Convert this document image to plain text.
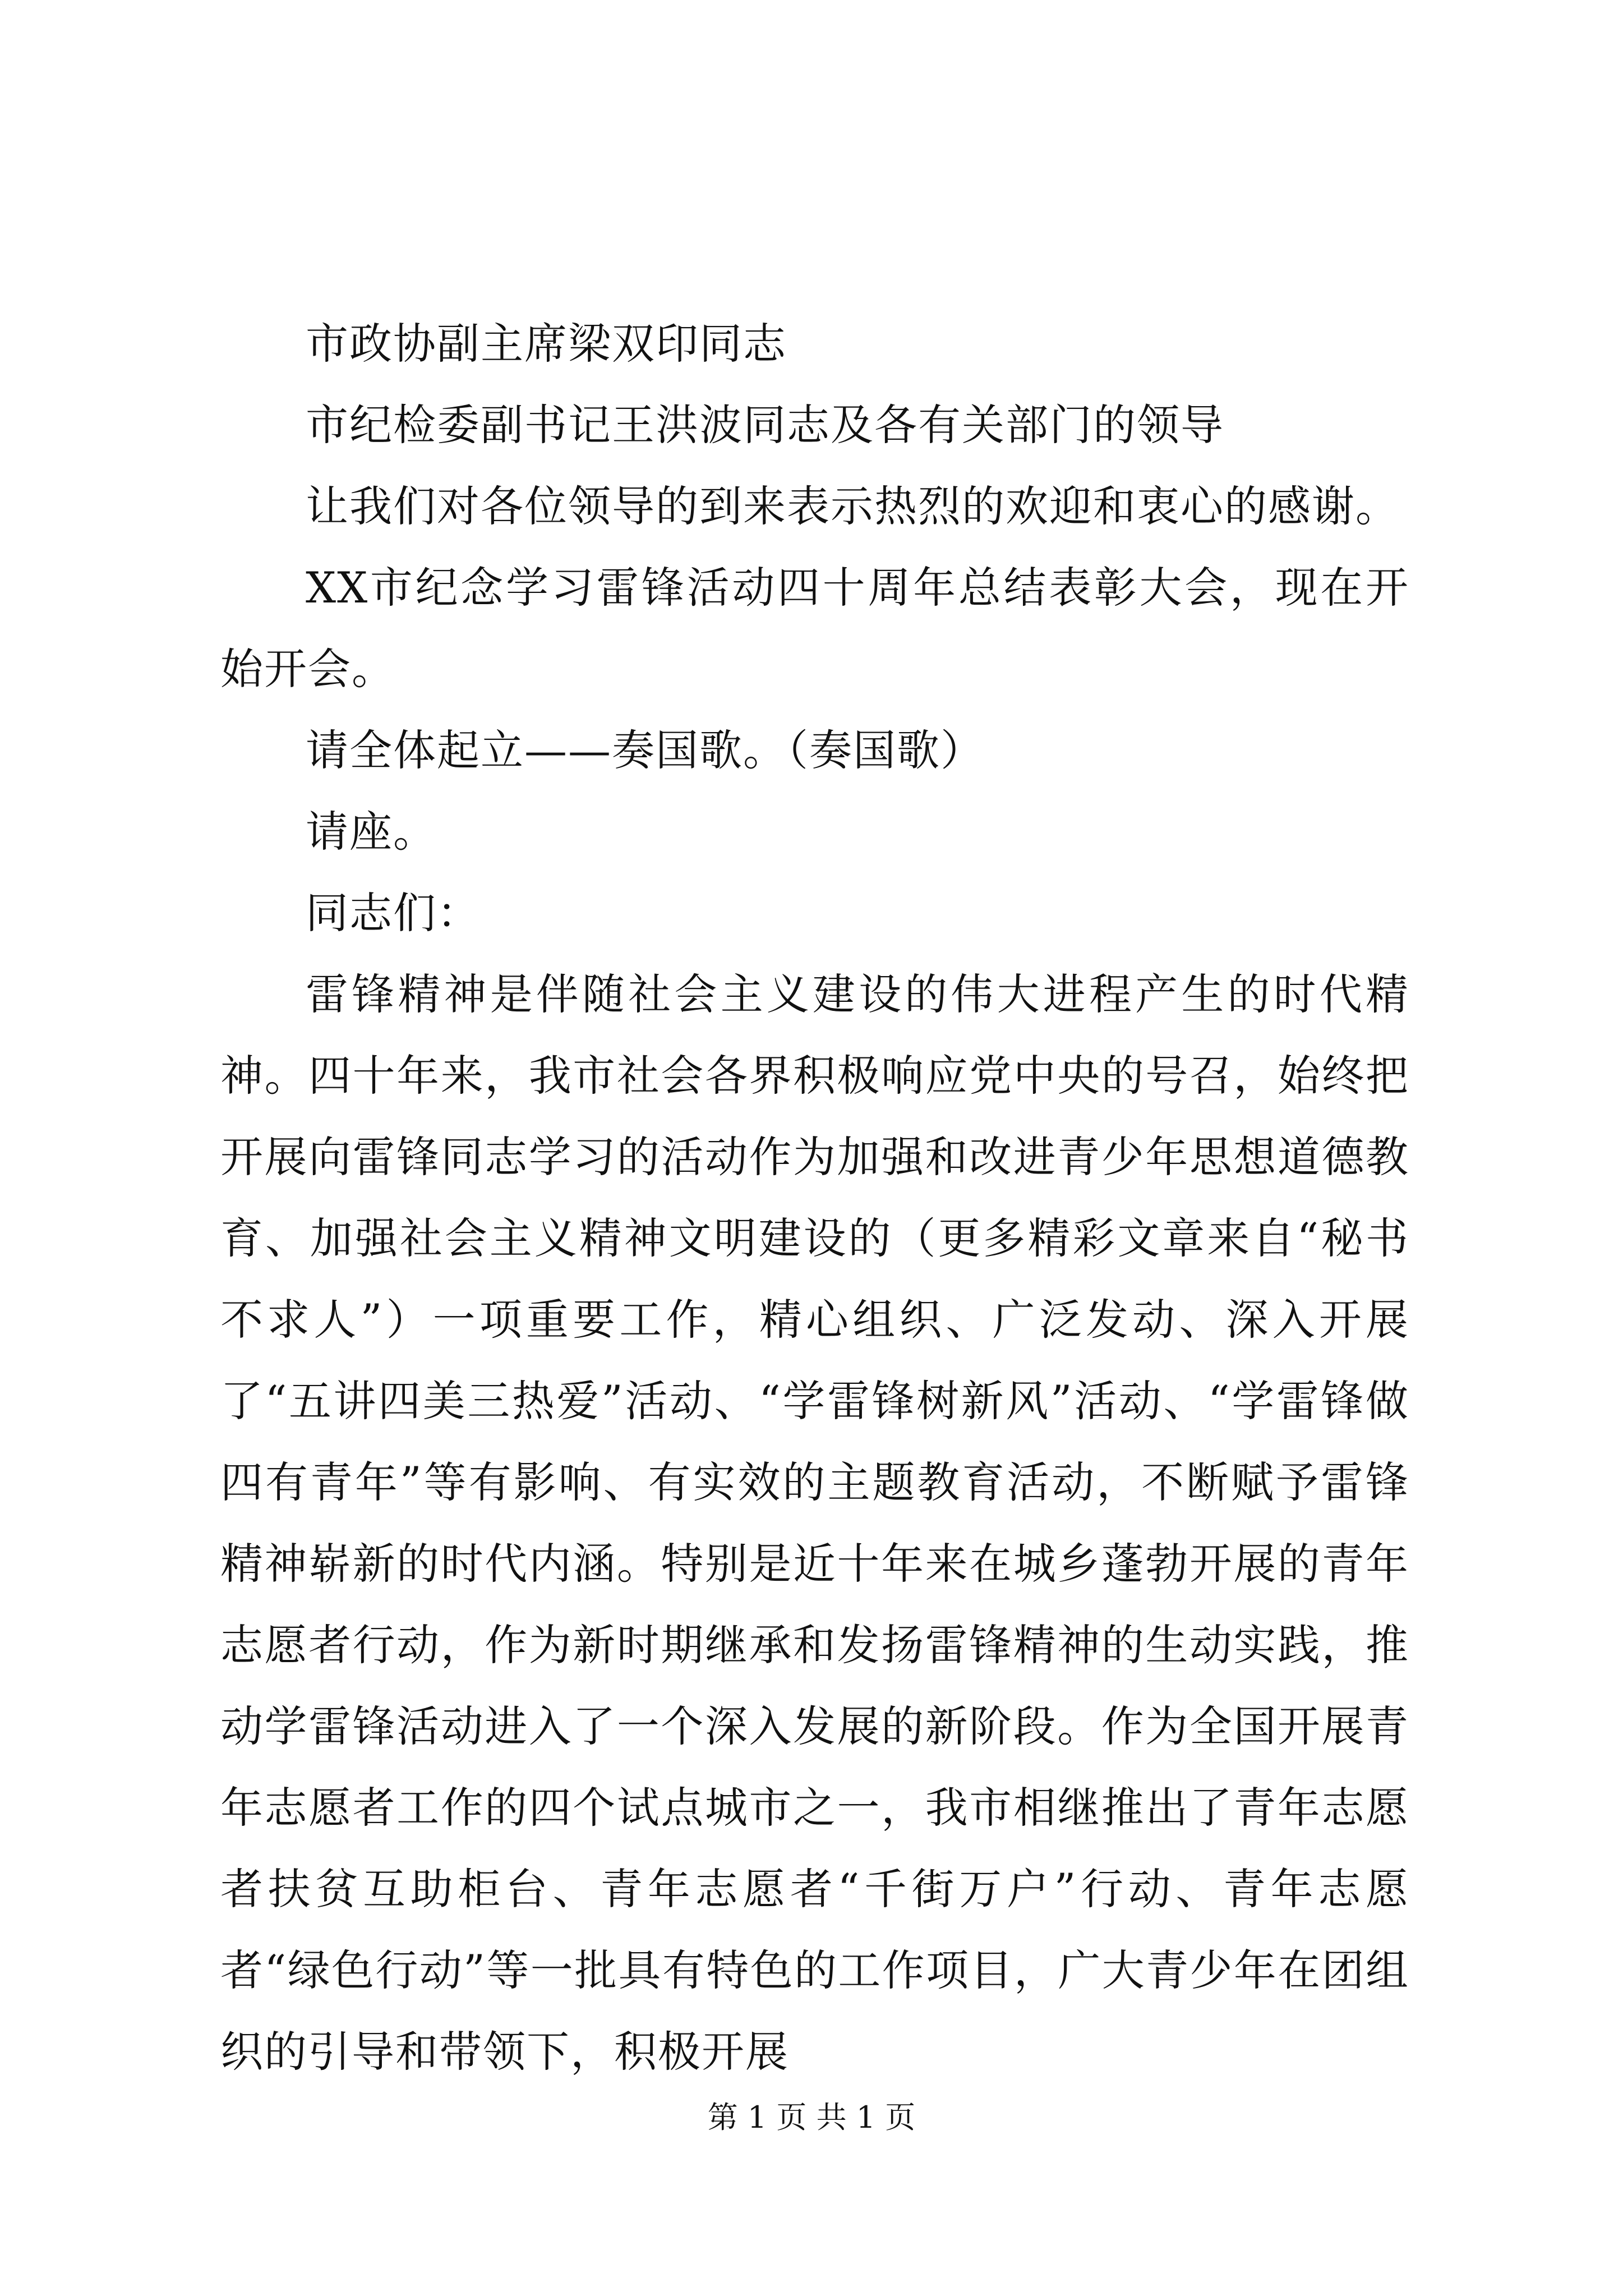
市政协副主席梁双印同志

市纪检委副书记王洪波同志及各有关部门的领导

让我们对各位领导的到来表示热烈的欢迎和衷心的感谢。

XX市纪念学习雷锋活动四十周年总结表彰大会，现在开始开会。

请全体起立——奏国歌。（奏国歌）

请座。

同志们：

雷锋精神是伴随社会主义建设的伟大进程产生的时代精神。四十年来，我市社会各界积极响应党中央的号召，始终把开展向雷锋同志学习的活动作为加强和改进青少年思想道德教育、加强社会主义精神文明建设的（更多精彩文章来自“秘书不求人”）一项重要工作，精心组织、广泛发动、深入开展了“五讲四美三热爱”活动、“学雷锋树新风”活动、“学雷锋做四有青年”等有影响、有实效的主题教育活动，不断赋予雷锋精神崭新的时代内涵。特别是近十年来在城乡蓬勃开展的青年志愿者行动，作为新时期继承和发扬雷锋精神的生动实践，推动学雷锋活动进入了一个深入发展的新阶段。作为全国开展青年志愿者工作的四个试点城市之一，我市相继推出了青年志愿者扶贫互助柜台、青年志愿者“千街万户”行动、青年志愿者“绿色行动”等一批具有特色的工作项目，广大青少年在团组织的引导和带领下，积极开展

第 1 页 共 1 页
